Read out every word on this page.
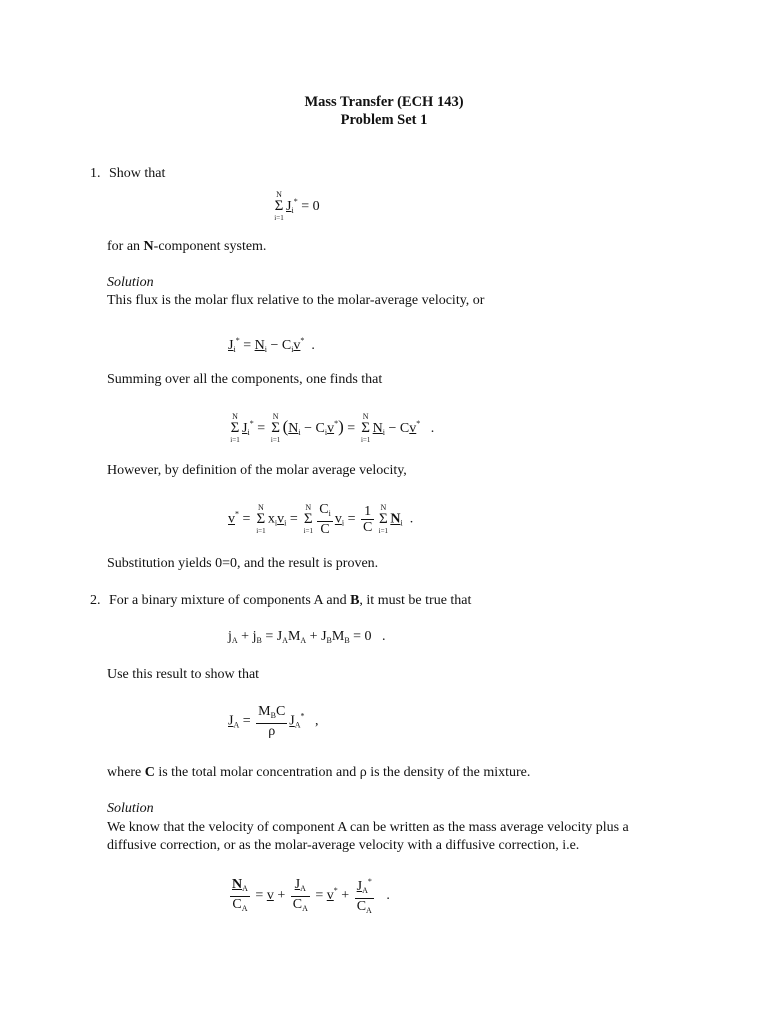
Mass Transfer (ECH 143)
Problem Set 1
1. Show that
Σ
N
i=1
$J_i^* = 0$
for an N-component system.
Solution
This flux is the molar flux relative to the molar-average velocity, or
$J_i^* = N_i - C_iv^*$  .
Summing over all the components, one finds that
Σ
N
i=1
$J_i^* = \Sigma$
N
i=1
$(N_i - C_iv^*) = \Sigma$
N
i=1
$N_i - Cv^*$   .
However, by definition of the molar average velocity,
v* = Σ
N
i=1
$x_iv_i = \Sigma$
N
$i=1 \frac{C_i}{C} v_i = \frac{1}{C}$ Σ
N
i=1
$N_i$  .
Substitution yields 0=0, and the result is proven.
2. For a binary mixture of components A and B, it must be true that
$j_A + j_B = J_AM_A + J_BM_B = 0$   .
Use this result to show that
$J_A = \frac{M_BC}{\rho} J_A^*$   ,
where C is the total molar concentration and ρ is the density of the mixture.
Solution
We know that the velocity of component A can be written as the mass average velocity plus a
diffusive correction, or as the molar-average velocity with a diffusive correction, i.e.
$\frac{N_A}{C_A} = v + \frac{J_A}{C_A} = v^* + \frac{J_A^*}{C_A}$ .
